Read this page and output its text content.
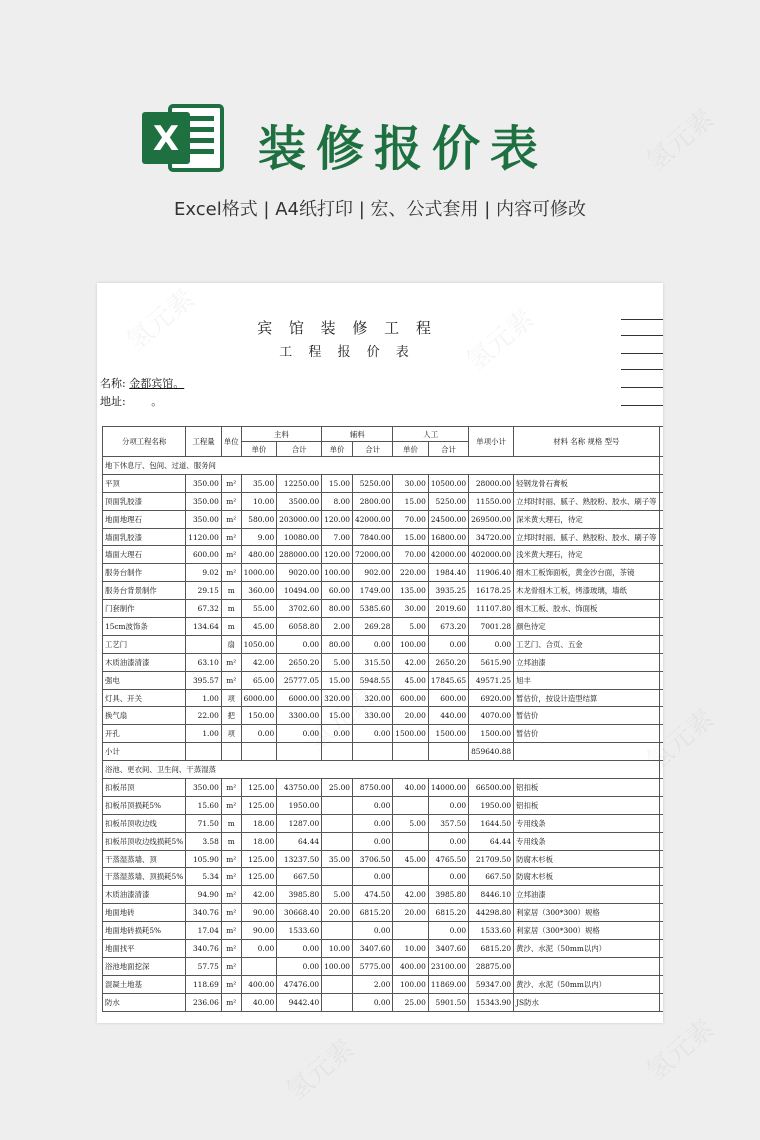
X 装修报价表
Excel格式 | A4纸打印 | 宏、公式套用 | 内容可修改
宾 馆 装 修 工 程
工 程 报 价 表
名称: 金都宾馆。
地址: 。
分项工程名称	工程量	单位	主料		辅料		人工		单项小计	材料 名称 规格 型号	
			单价	合计	单价	合计	单价	合计			
地下休息厅、包间、过道、服务间											
平顶	350.00	m²	35.00	12250.00	15.00	5250.00	30.00	10500.00	28000.00	轻钢龙骨石膏板	
顶面乳胶漆	350.00	m²	10.00	3500.00	8.00	2800.00	15.00	5250.00	11550.00	立邦时时丽、腻子、熟胶粉、胶水、刷子等	
地面地理石	350.00	m²	580.00	203000.00	120.00	42000.00	70.00	24500.00	269500.00	深米黄大理石，待定	
墙面乳胶漆	1120.00	m²	9.00	10080.00	7.00	7840.00	15.00	16800.00	34720.00	立邦时时丽、腻子、熟胶粉、胶水、刷子等	
墙面大理石	600.00	m²	480.00	288000.00	120.00	72000.00	70.00	42000.00	402000.00	浅米黄大理石，待定	
服务台制作	9.02	m²	1000.00	9020.00	100.00	902.00	220.00	1984.40	11906.40	细木工板饰面板，黄金沙台面，茶镜	
服务台背景制作	29.15	m	360.00	10494.00	60.00	1749.00	135.00	3935.25	16178.25	木龙骨细木工板，烤漆玻璃，墙纸	
门套制作	67.32	m	55.00	3702.60	80.00	5385.60	30.00	2019.60	11107.80	细木工板、胶水、饰面板	
15cm波饰条	134.64	m	45.00	6058.80	2.00	269.28	5.00	673.20	7001.28	颜色待定	
工艺门		扇	1050.00	0.00	80.00	0.00	100.00	0.00	0.00	工艺门、合页、五金	
木质油漆清漆	63.10	m²	42.00	2650.20	5.00	315.50	42.00	2650.20	5615.90	立邦油漆	
强电	395.57	m²	65.00	25777.05	15.00	5948.55	45.00	17845.65	49571.25	旭丰	
灯具、开关	1.00	项	6000.00	6000.00	320.00	320.00	600.00	600.00	6920.00	暂估价，按设计造型结算	
换气扇	22.00	把	150.00	3300.00	15.00	330.00	20.00	440.00	4070.00	暂估价	
开孔	1.00	项	0.00	0.00	0.00	0.00	1500.00	1500.00	1500.00	暂估价	
小计									859640.88		
浴池、更衣间、卫生间、干蒸湿蒸											
扣板吊顶	350.00	m²	125.00	43750.00	25.00	8750.00	40.00	14000.00	66500.00	铝扣板	
扣板吊顶损耗5%	15.60	m²	125.00	1950.00		0.00		0.00	1950.00	铝扣板	
扣板吊顶收边线	71.50	m	18.00	1287.00		0.00	5.00	357.50	1644.50	专用线条	
扣板吊顶收边线损耗5%	3.58	m	18.00	64.44		0.00		0.00	64.44	专用线条	
干蒸湿蒸墙、顶	105.90	m²	125.00	13237.50	35.00	3706.50	45.00	4765.50	21709.50	防腐木杉板	
干蒸湿蒸墙、顶损耗5%	5.34	m²	125.00	667.50		0.00		0.00	667.50	防腐木杉板	
木质油漆清漆	94.90	m²	42.00	3985.80	5.00	474.50	42.00	3985.80	8446.10	立邦油漆	
地面地砖	340.76	m²	90.00	30668.40	20.00	6815.20	20.00	6815.20	44298.80	利家居（300*300）规格	
地面地砖损耗5%	17.04	m²	90.00	1533.60		0.00		0.00	1533.60	利家居（300*300）规格	
地面找平	340.76	m²	0.00	0.00	10.00	3407.60	10.00	3407.60	6815.20	黄沙、水泥（50mm以内）	
浴池地面挖深	57.75	m²		0.00	100.00	5775.00	400.00	23100.00	28875.00		
混凝土地基	118.69	m²	400.00	47476.00		2.00	100.00	11869.00	59347.00	黄沙、水泥（50mm以内）	
防水	236.06	m²	40.00	9442.40		0.00	25.00	5901.50	15343.90	JS防水	
